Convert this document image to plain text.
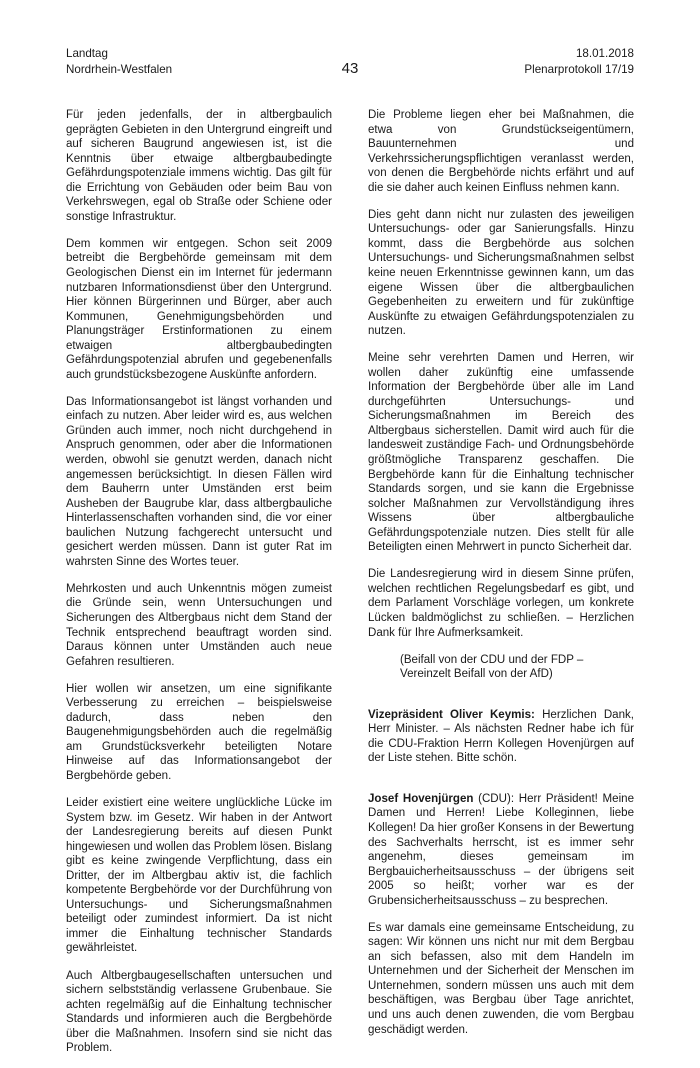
Landtag
Nordrhein-Westfalen	43
18.01.2018
Plenarprotokoll 17/19

Für jeden jedenfalls, der in altbergbaulich geprägten Gebieten in den Untergrund eingreift und auf sicheren Baugrund angewiesen ist, ist die Kenntnis über etwaige altbergbaubedingte Gefährdungspotenziale immens wichtig. Das gilt für die Errichtung von Gebäuden oder beim Bau von Verkehrswegen, egal ob Straße oder Schiene oder sonstige Infrastruktur.

Dem kommen wir entgegen. Schon seit 2009 betreibt die Bergbehörde gemeinsam mit dem Geologischen Dienst ein im Internet für jedermann nutzbaren Informationsdienst über den Untergrund. Hier können Bürgerinnen und Bürger, aber auch Kommunen, Genehmigungsbehörden und Planungsträger Erstinformationen zu einem etwaigen altbergbaubedingten Gefährdungspotenzial abrufen und gegebenenfalls auch grundstücksbezogene Auskünfte anfordern.

Das Informationsangebot ist längst vorhanden und einfach zu nutzen. Aber leider wird es, aus welchen Gründen auch immer, noch nicht durchgehend in Anspruch genommen, oder aber die Informationen werden, obwohl sie genutzt werden, danach nicht angemessen berücksichtigt. In diesen Fällen wird dem Bauherrn unter Umständen erst beim Ausheben der Baugrube klar, dass altbergbauliche Hinterlassenschaften vorhanden sind, die vor einer baulichen Nutzung fachgerecht untersucht und gesichert werden müssen. Dann ist guter Rat im wahrsten Sinne des Wortes teuer.

Mehrkosten und auch Unkenntnis mögen zumeist die Gründe sein, wenn Untersuchungen und Sicherungen des Altbergbaus nicht dem Stand der Technik entsprechend beauftragt worden sind. Daraus können unter Umständen auch neue Gefahren resultieren.

Hier wollen wir ansetzen, um eine signifikante Verbesserung zu erreichen – beispielsweise dadurch, dass neben den Baugenehmigungsbehörden auch die regelmäßig am Grundstücksverkehr beteiligten Notare Hinweise auf das Informationsangebot der Bergbehörde geben.

Leider existiert eine weitere unglückliche Lücke im System bzw. im Gesetz. Wir haben in der Antwort der Landesregierung bereits auf diesen Punkt hingewiesen und wollen das Problem lösen. Bislang gibt es keine zwingende Verpflichtung, dass ein Dritter, der im Altbergbau aktiv ist, die fachlich kompetente Bergbehörde vor der Durchführung von Untersuchungs- und Sicherungsmaßnahmen beteiligt oder zumindest informiert. Da ist nicht immer die Einhaltung technischer Standards gewährleistet.

Auch Altbergbaugesellschaften untersuchen und sichern selbstständig verlassene Grubenbaue. Sie achten regelmäßig auf die Einhaltung technischer Standards und informieren auch die Bergbehörde über die Maßnahmen. Insofern sind sie nicht das Problem.

Die Probleme liegen eher bei Maßnahmen, die etwa von Grundstückseigentümern, Bauunternehmen und Verkehrssicherungspflichtigen veranlasst werden, von denen die Bergbehörde nichts erfährt und auf die sie daher auch keinen Einfluss nehmen kann.

Dies geht dann nicht nur zulasten des jeweiligen Untersuchungs- oder gar Sanierungsfalls. Hinzu kommt, dass die Bergbehörde aus solchen Untersuchungs- und Sicherungsmaßnahmen selbst keine neuen Erkenntnisse gewinnen kann, um das eigene Wissen über die altbergbaulichen Gegebenheiten zu erweitern und für zukünftige Auskünfte zu etwaigen Gefährdungspotenzialen zu nutzen.

Meine sehr verehrten Damen und Herren, wir wollen daher zukünftig eine umfassende Information der Bergbehörde über alle im Land durchgeführten Untersuchungs- und Sicherungsmaßnahmen im Bereich des Altbergbaus sicherstellen. Damit wird auch für die landesweit zuständige Fach- und Ordnungsbehörde größtmögliche Transparenz geschaffen. Die Bergbehörde kann für die Einhaltung technischer Standards sorgen, und sie kann die Ergebnisse solcher Maßnahmen zur Vervollständigung ihres Wissens über altbergbauliche Gefährdungspotenziale nutzen. Dies stellt für alle Beteiligten einen Mehrwert in puncto Sicherheit dar.

Die Landesregierung wird in diesem Sinne prüfen, welchen rechtlichen Regelungsbedarf es gibt, und dem Parlament Vorschläge vorlegen, um konkrete Lücken baldmöglichst zu schließen. – Herzlichen Dank für Ihre Aufmerksamkeit.

(Beifall von der CDU und der FDP – Vereinzelt Beifall von der AfD)

Vizepräsident Oliver Keymis: Herzlichen Dank, Herr Minister. – Als nächsten Redner habe ich für die CDU-Fraktion Herrn Kollegen Hovenjürgen auf der Liste stehen. Bitte schön.

Josef Hovenjürgen (CDU): Herr Präsident! Meine Damen und Herren! Liebe Kolleginnen, liebe Kollegen! Da hier großer Konsens in der Bewertung des Sachverhalts herrscht, ist es immer sehr angenehm, dieses gemeinsam im Bergbauicherheitsausschuss – der übrigens seit 2005 so heißt; vorher war es der Grubensicherheitsausschuss – zu besprechen.

Es war damals eine gemeinsame Entscheidung, zu sagen: Wir können uns nicht nur mit dem Bergbau an sich befassen, also mit dem Handeln im Unternehmen und der Sicherheit der Menschen im Unternehmen, sondern müssen uns auch mit dem beschäftigen, was Bergbau über Tage anrichtet, und uns auch denen zuwenden, die vom Bergbau geschädigt werden.
